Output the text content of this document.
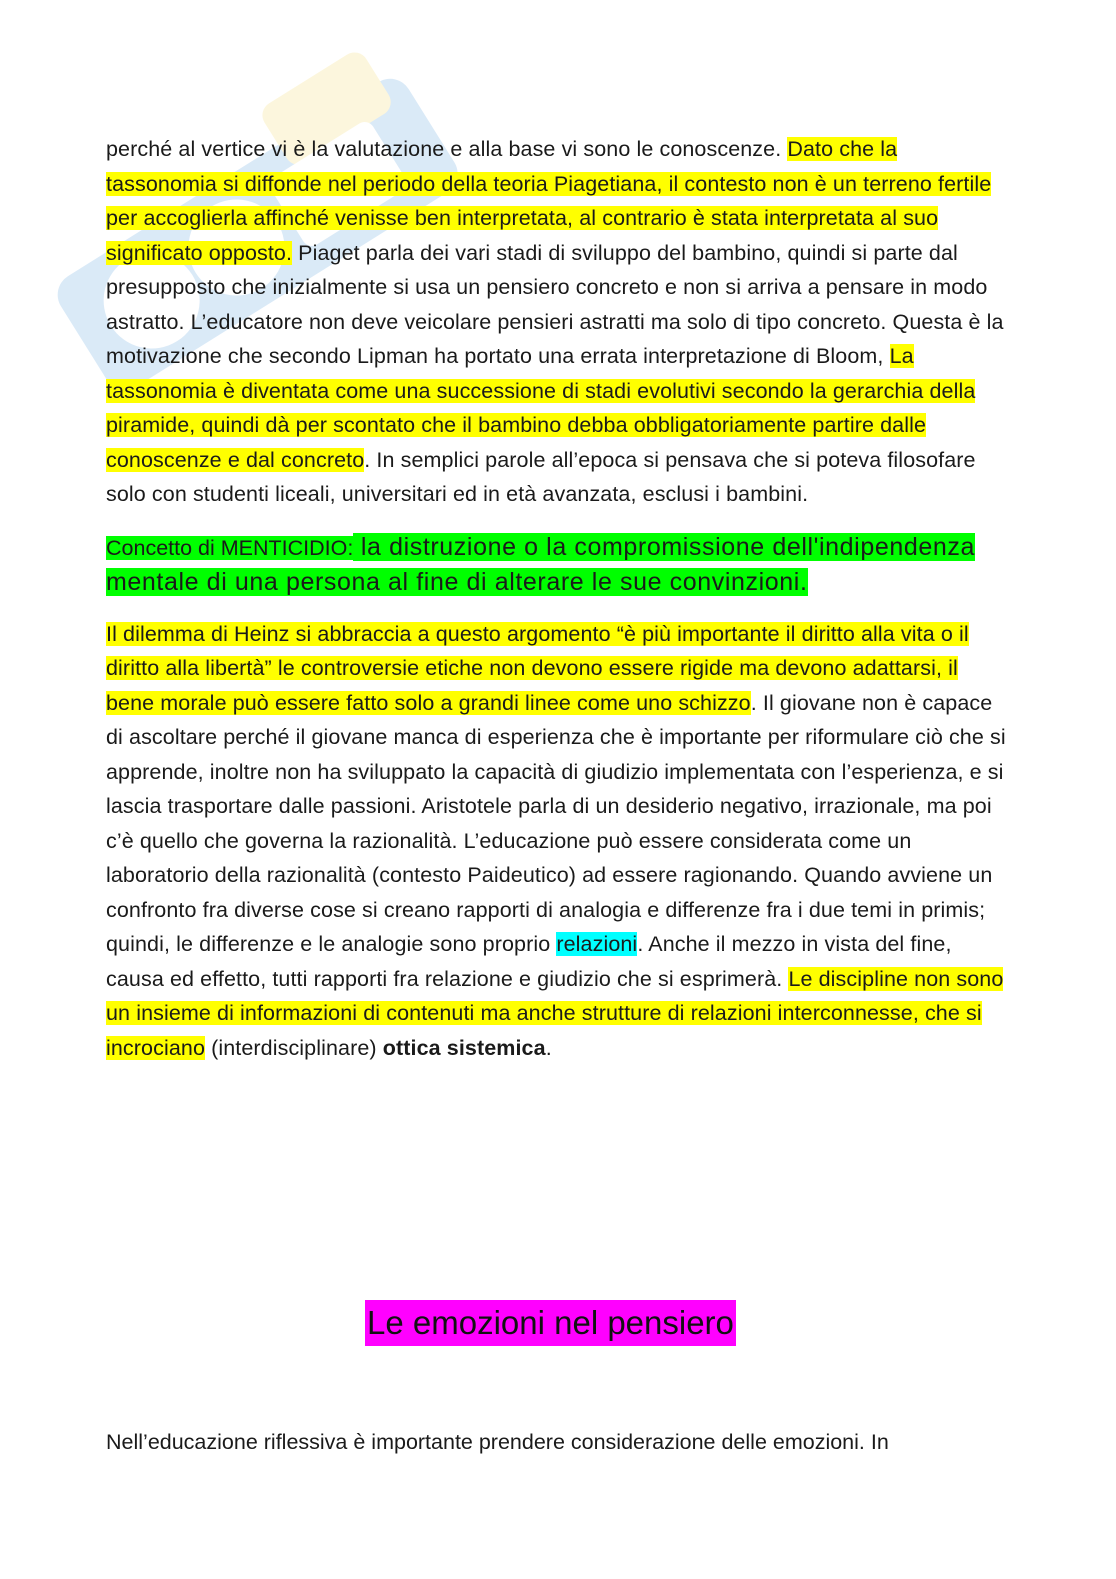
perché al vertice vi è la valutazione e alla base vi sono le conoscenze. Dato che la tassonomia si diffonde nel periodo della teoria Piagetiana, il contesto non è un terreno fertile per accoglierla affinché venisse ben interpretata, al contrario è stata interpretata al suo significato opposto. Piaget parla dei vari stadi di sviluppo del bambino, quindi si parte dal presupposto che inizialmente si usa un pensiero concreto e non si arriva a pensare in modo astratto. L’educatore non deve veicolare pensieri astratti ma solo di tipo concreto. Questa è la motivazione che secondo Lipman ha portato una errata interpretazione di Bloom, La tassonomia è diventata come una successione di stadi evolutivi secondo la gerarchia della piramide, quindi dà per scontato che il bambino debba obbligatoriamente partire dalle conoscenze e dal concreto. In semplici parole all’epoca si pensava che si poteva filosofare solo con studenti liceali, universitari ed in età avanzata, esclusi i bambini.

Concetto di MENTICIDIO: la distruzione o la compromissione dell'indipendenza mentale di una persona al fine di alterare le sue convinzioni.

Il dilemma di Heinz si abbraccia a questo argomento “è più importante il diritto alla vita o il diritto alla libertà” le controversie etiche non devono essere rigide ma devono adattarsi, il bene morale può essere fatto solo a grandi linee come uno schizzo. Il giovane non è capace di ascoltare perché il giovane manca di esperienza che è importante per riformulare ciò che si apprende, inoltre non ha sviluppato la capacità di giudizio implementata con l’esperienza, e si lascia trasportare dalle passioni. Aristotele parla di un desiderio negativo, irrazionale, ma poi c’è quello che governa la razionalità. L’educazione può essere considerata come un laboratorio della razionalità (contesto Paideutico) ad essere ragionando. Quando avviene un confronto fra diverse cose si creano rapporti di analogia e differenze fra i due temi in primis; quindi, le differenze e le analogie sono proprio relazioni. Anche il mezzo in vista del fine, causa ed effetto, tutti rapporti fra relazione e giudizio che si esprimerà. Le discipline non sono un insieme di informazioni di contenuti ma anche strutture di relazioni interconnesse, che si incrociano (interdisciplinare) ottica sistemica.

Le emozioni nel pensiero

Nell’educazione riflessiva è importante prendere considerazione delle emozioni. In
